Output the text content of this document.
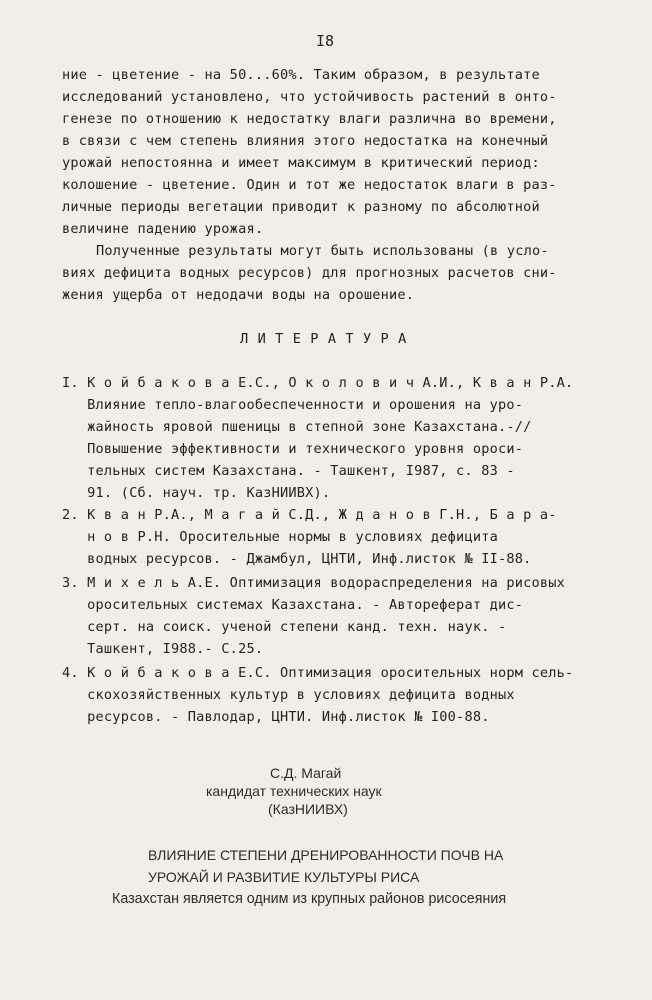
I8
ние - цветение - на 50...60%. Таким образом, в результате
исследований установлено, что устойчивость растений в онто-
генезе по отношению к недостатку влаги различна во времени,
в связи с чем степень влияния этого недостатка на конечный
урожай непостоянна и имеет максимум в критический период:
колошение - цветение. Один и тот же недостаток влаги в раз-
личные периоды вегетации приводит к разному по абсолютной
величине падению урожая.
Полученные результаты могут быть использованы (в усло-
виях дефицита водных ресурсов) для прогнозных расчетов сни-
жения ущерба от недодачи воды на орошение.
Л И Т Е Р А Т У Р А
I. К о й б а к о в а Е.С., О к о л о в и ч А.И., К в а н Р.А.
Влияние тепло-влагообеспеченности и орошения на уро-
жайность яровой пшеницы в степной зоне Казахстана.-//
Повышение эффективности и технического уровня ороси-
тельных систем Казахстана. - Ташкент, I987, с. 83 -
91. (Сб. науч. тр. КазНИИВХ).
2. К в а н Р.А., М а г а й С.Д., Ж д а н о в Г.Н., Б а р а-
н о в Р.Н. Оросительные нормы в условиях дефицита
водных ресурсов. - Джамбул, ЦНТИ, Инф.листок № II-88.
3. М и х е л ь А.Е. Оптимизация водораспределения на рисовых
оросительных системах Казахстана. - Автореферат дис-
серт. на соиск. ученой степени канд. техн. наук. -
Ташкент, I988.- С.25.
4. К о й б а к о в а Е.С. Оптимизация оросительных норм сель-
скохозяйственных культур в условиях дефицита водных
ресурсов. - Павлодар, ЦНТИ. Инф.листок № I00-88.
С.Д. Магай
кандидат технических наук
(КазНИИВХ)
ВЛИЯНИЕ СТЕПЕНИ ДРЕНИРОВАННОСТИ ПОЧВ НА
УРОЖАЙ И РАЗВИТИЕ КУЛЬТУРЫ РИСА
Казахстан является одним из крупных районов рисосеяния
